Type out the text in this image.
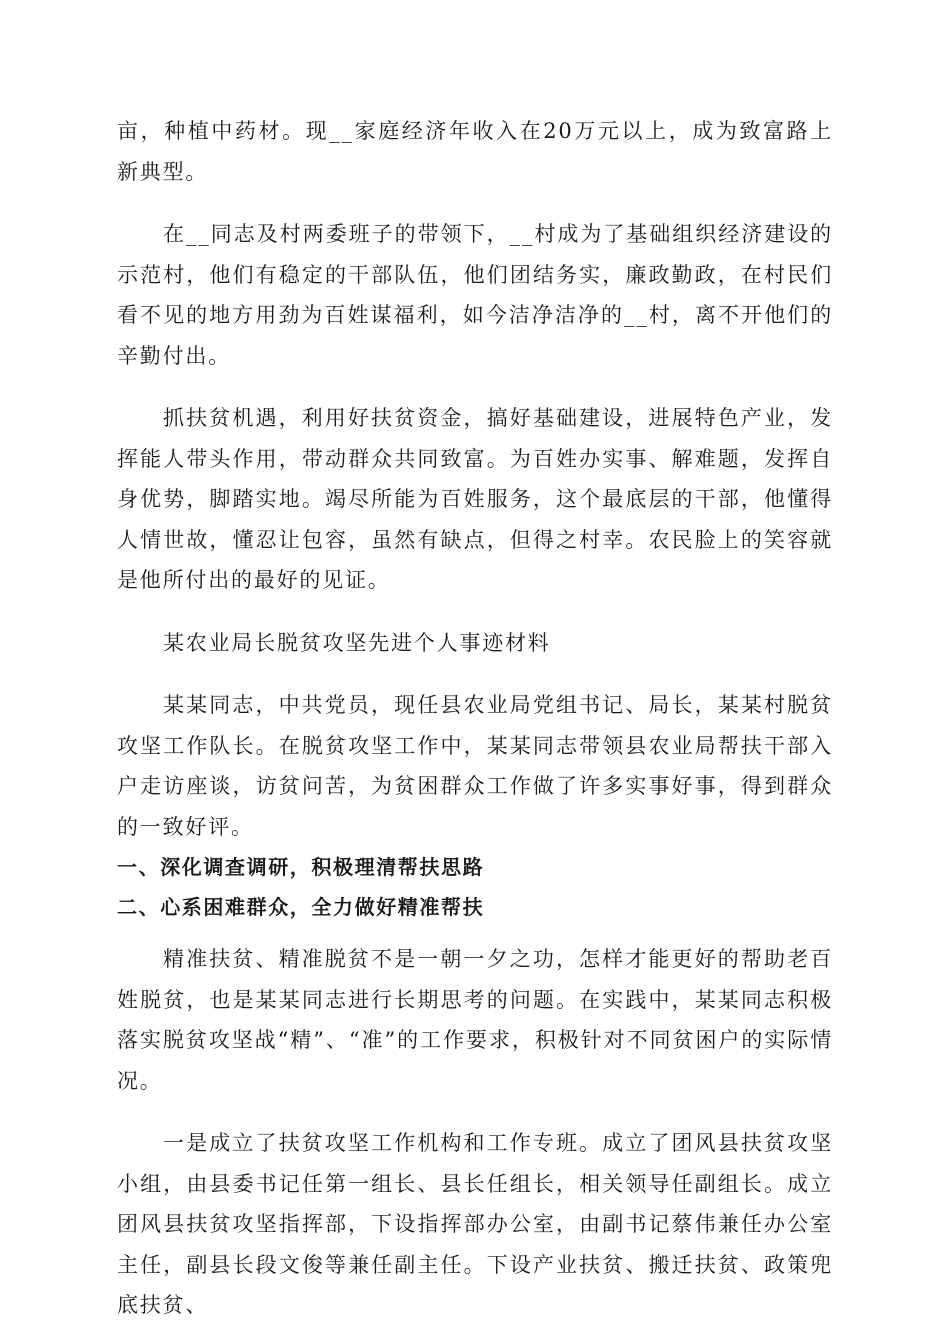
亩，种植中药材。现__家庭经济年收入在20万元以上，成为致富路上新典型。

在__同志及村两委班子的带领下，__村成为了基础组织经济建设的示范村，他们有稳定的干部队伍，他们团结务实，廉政勤政，在村民们看不见的地方用劲为百姓谋福利，如今洁净洁净的__村，离不开他们的辛勤付出。

抓扶贫机遇，利用好扶贫资金，搞好基础建设，进展特色产业，发挥能人带头作用，带动群众共同致富。为百姓办实事、解难题，发挥自身优势，脚踏实地。竭尽所能为百姓服务，这个最底层的干部，他懂得人情世故，懂忍让包容，虽然有缺点，但得之村幸。农民脸上的笑容就是他所付出的最好的见证。

某农业局长脱贫攻坚先进个人事迹材料

某某同志，中共党员，现任县农业局党组书记、局长，某某村脱贫攻坚工作队长。在脱贫攻坚工作中，某某同志带领县农业局帮扶干部入户走访座谈，访贫问苦，为贫困群众工作做了许多实事好事，得到群众的一致好评。

一、深化调查调研，积极理清帮扶思路

二、心系困难群众，全力做好精准帮扶

精准扶贫、精准脱贫不是一朝一夕之功，怎样才能更好的帮助老百姓脱贫，也是某某同志进行长期思考的问题。在实践中，某某同志积极落实脱贫攻坚战“精”、“准”的工作要求，积极针对不同贫困户的实际情况。

一是成立了扶贫攻坚工作机构和工作专班。成立了团风县扶贫攻坚小组，由县委书记任第一组长、县长任组长，相关领导任副组长。成立团风县扶贫攻坚指挥部，下设指挥部办公室，由副书记蔡伟兼任办公室主任，副县长段文俊等兼任副主任。下设产业扶贫、搬迁扶贫、政策兜底扶贫、
